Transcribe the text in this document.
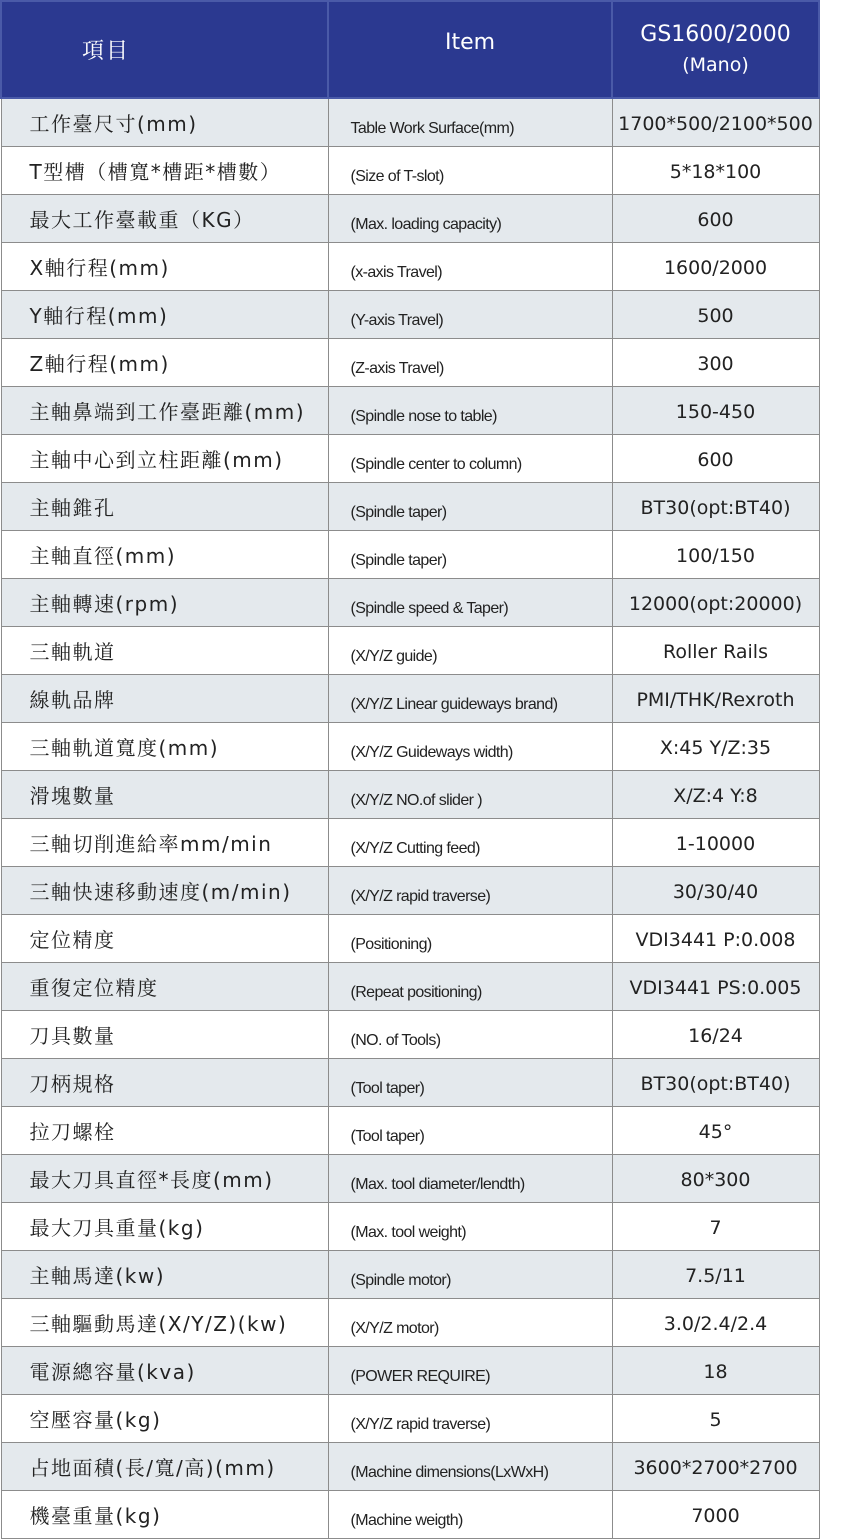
項目	Item	GS1600/2000
(Mano)

工作臺尺寸(mm)	Table Work Surface(mm)	1700*500/2100*500
T型槽（槽寬*槽距*槽數）	(Size of T-slot)	5*18*100
最大工作臺載重（KG）	(Max. loading capacity)	600
X軸行程(mm)	(x-axis Travel)	1600/2000
Y軸行程(mm)	(Y-axis Travel)	500
Z軸行程(mm)	(Z-axis Travel)	300
主軸鼻端到工作臺距離(mm)	(Spindle nose to table)	150-450
主軸中心到立柱距離(mm)	(Spindle center to column)	600
主軸錐孔	(Spindle taper)	BT30(opt:BT40)
主軸直徑(mm)	(Spindle taper)	100/150
主軸轉速(rpm)	(Spindle speed & Taper)	12000(opt:20000)
三軸軌道	(X/Y/Z guide)	Roller Rails
線軌品牌	(X/Y/Z Linear guideways brand)	PMI/THK/Rexroth
三軸軌道寬度(mm)	(X/Y/Z Guideways width)	X:45 Y/Z:35
滑塊數量	(X/Y/Z NO.of slider )	X/Z:4 Y:8
三軸切削進給率mm/min	(X/Y/Z Cutting feed)	1-10000
三軸快速移動速度(m/min)	(X/Y/Z rapid traverse)	30/30/40
定位精度	(Positioning)	VDI3441 P:0.008
重復定位精度	(Repeat positioning)	VDI3441 PS:0.005
刀具數量	(NO. of Tools)	16/24
刀柄規格	(Tool taper)	BT30(opt:BT40)
拉刀螺栓	(Tool taper)	45°
最大刀具直徑*長度(mm)	(Max. tool diameter/lendth)	80*300
最大刀具重量(kg)	(Max. tool weight)	7
主軸馬達(kw)	(Spindle motor)	7.5/11
三軸驅動馬達(X/Y/Z)(kw)	(X/Y/Z motor)	3.0/2.4/2.4
電源總容量(kva)	(POWER REQUIRE)	18
空壓容量(kg)	(X/Y/Z rapid traverse)	5
占地面積(長/寬/高)(mm)	(Machine dimensions(LxWxH)	3600*2700*2700
機臺重量(kg)	(Machine weigth)	7000
